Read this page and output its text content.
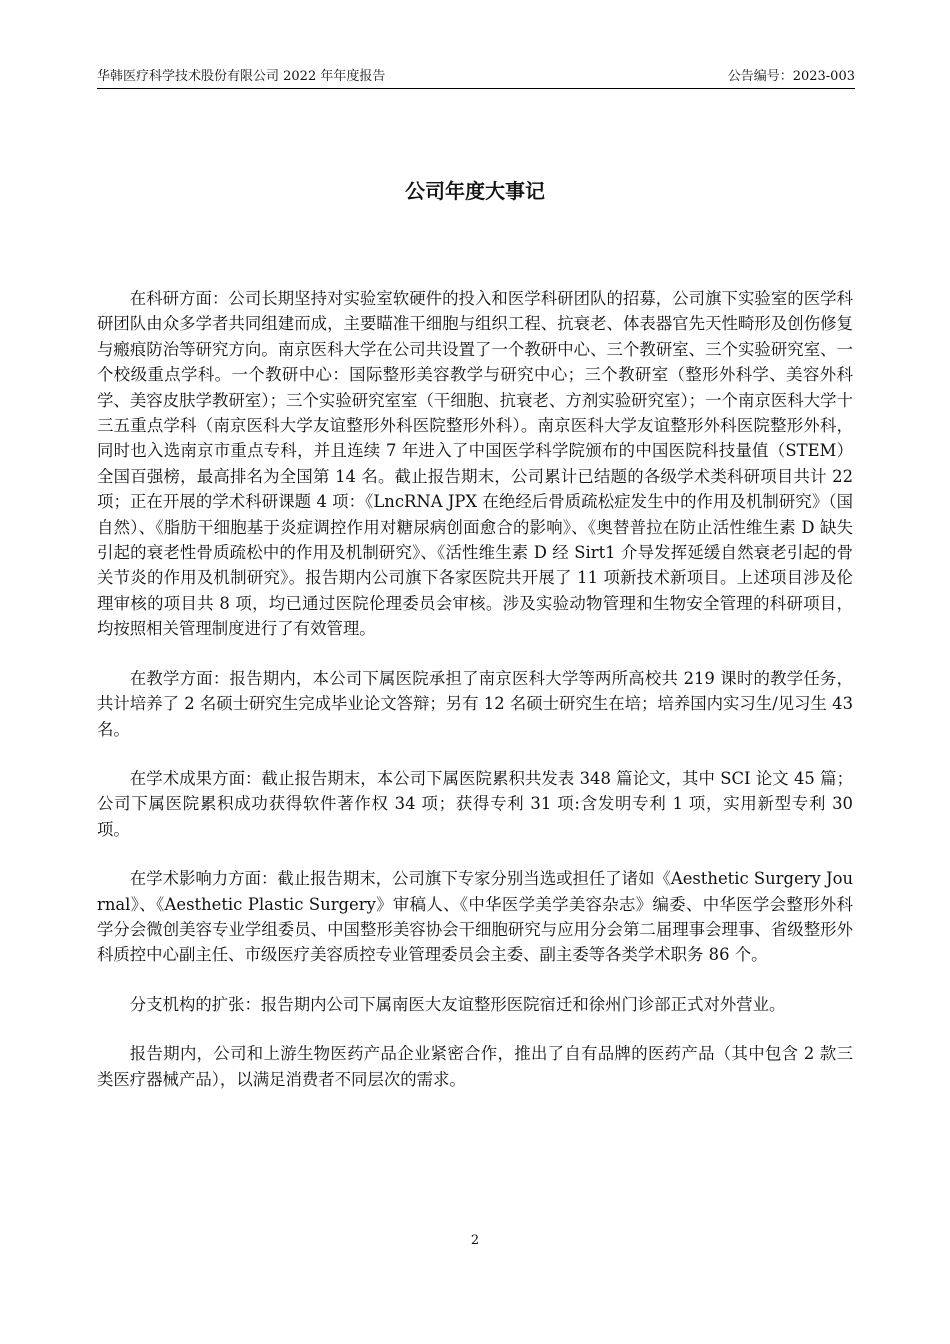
华韩医疗科学技术股份有限公司 2022 年年度报告	公告编号：2023-003
公司年度大事记

在科研方面：公司长期坚持对实验室软硬件的投入和医学科研团队的招募，公司旗下实验室的医学科研团队由众多学者共同组建而成，主要瞄准干细胞与组织工程、抗衰老、体表器官先天性畸形及创伤修复与瘢痕防治等研究方向。南京医科大学在公司共设置了一个教研中心、三个教研室、三个实验研究室、一个校级重点学科。一个教研中心：国际整形美容教学与研究中心；三个教研室（整形外科学、美容外科学、美容皮肤学教研室）；三个实验研究室室（干细胞、抗衰老、方剂实验研究室）；一个南京医科大学十三五重点学科（南京医科大学友谊整形外科医院整形外科）。南京医科大学友谊整形外科医院整形外科，同时也入选南京市重点专科，并且连续 7 年进入了中国医学科学院颁布的中国医院科技量值（STEM）全国百强榜，最高排名为全国第 14 名。截止报告期末，公司累计已结题的各级学术类科研项目共计 22 项；正在开展的学术科研课题 4 项：《LncRNA JPX 在绝经后骨质疏松症发生中的作用及机制研究》（国自然）、《脂肪干细胞基于炎症调控作用对糖尿病创面愈合的影响》、《奥替普拉在防止活性维生素 D 缺失引起的衰老性骨质疏松中的作用及机制研究》、《活性维生素 D 经 Sirt1 介导发挥延缓自然衰老引起的骨关节炎的作用及机制研究》。报告期内公司旗下各家医院共开展了 11 项新技术新项目。上述项目涉及伦理审核的项目共 8 项，均已通过医院伦理委员会审核。涉及实验动物管理和生物安全管理的科研项目，均按照相关管理制度进行了有效管理。

在教学方面：报告期内，本公司下属医院承担了南京医科大学等两所高校共 219 课时的教学任务，共计培养了 2 名硕士研究生完成毕业论文答辩；另有 12 名硕士研究生在培；培养国内实习生/见习生 43 名。

在学术成果方面：截止报告期末，本公司下属医院累积共发表 348 篇论文，其中 SCI 论文 45 篇；公司下属医院累积成功获得软件著作权 34 项；获得专利 31 项:含发明专利 1 项，实用新型专利 30 项。

在学术影响力方面：截止报告期末，公司旗下专家分别当选或担任了诸如《Aesthetic Surgery Journal》、《Aesthetic Plastic Surgery》审稿人、《中华医学美学美容杂志》编委、中华医学会整形外科学分会微创美容专业学组委员、中国整形美容协会干细胞研究与应用分会第二届理事会理事、省级整形外科质控中心副主任、市级医疗美容质控专业管理委员会主委、副主委等各类学术职务 86 个。

分支机构的扩张：报告期内公司下属南医大友谊整形医院宿迁和徐州门诊部正式对外营业。

报告期内，公司和上游生物医药产品企业紧密合作，推出了自有品牌的医药产品（其中包含 2 款三类医疗器械产品），以满足消费者不同层次的需求。

2
